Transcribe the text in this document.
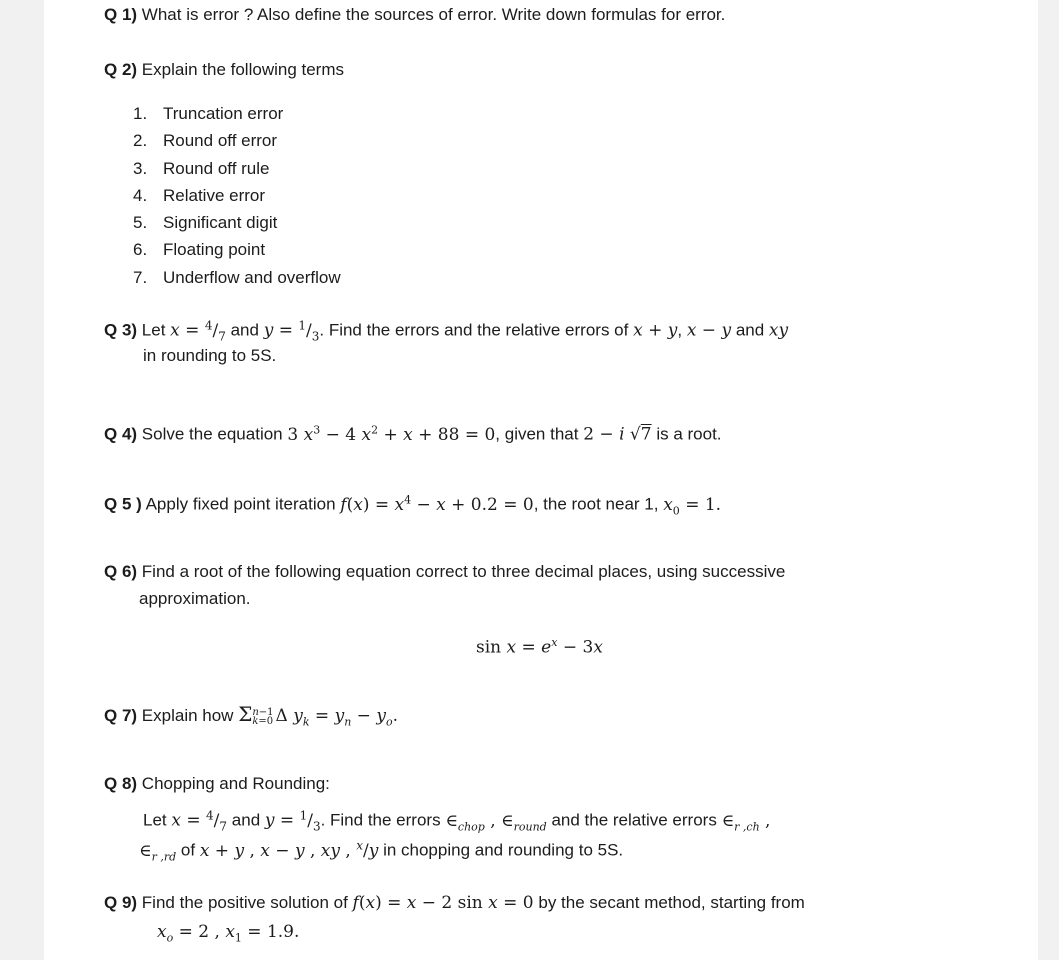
Q 1) What is error ? Also define the sources of error. Write down formulas for error.
Q 2) Explain the following terms
1. Truncation error
2. Round off error
3. Round off rule
4. Relative error
5. Significant digit
6. Floating point
7. Underflow and overflow
Q 3) Let $x = ^4/_7$ and $y = ^1/_3$. Find the errors and the relative errors of x + y, x − y and xy
in rounding to 5S.
Q 4) Solve the equation 3 $x^3 - 4$ $x^2 + x + 88 = 0$, given that 2 − i √7 is a root.
Q 5 ) Apply fixed point iteration $f(x) = x^4 - x + 0.2 = 0$, the root near 1, $x_0 = 1$.
Q 6) Find a root of the following equation correct to three decimal places, using successive
approximation.
$\sin x = e^x - 3x$
Q 7) Explain how Σn−1
k=0 Δ $y_k = y_n - y_o$.
Q 8) Chopping and Rounding:
Let $x = ^4/_7$ and $y = ^1/_3$. Find the errors $\in_{chop}$ , $\in_{round}$ and the relative errors $\in_{r ,ch}$ ,
$\in_{r ,rd}$ of x + y , x − y , xy , $^x$/y in chopping and rounding to 5S.
Q 9) Find the positive solution of f(x) = x − 2 sin x = 0 by the secant method, starting from
$x_o = 2$ , $x_1 = 1.9$.
